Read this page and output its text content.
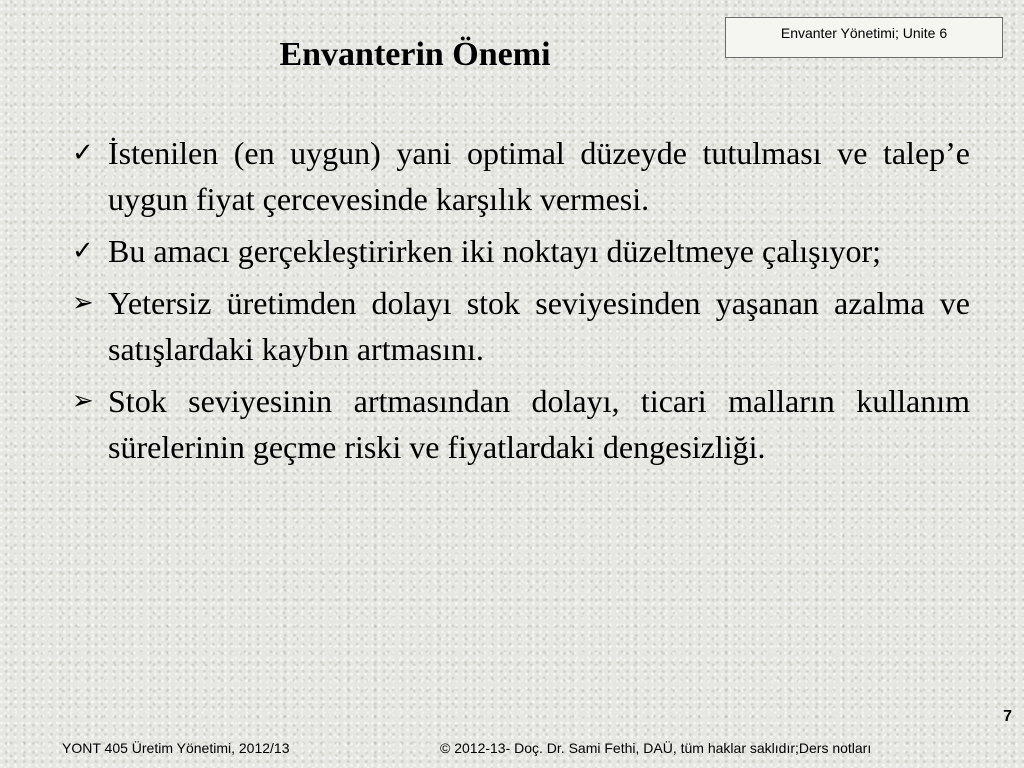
Envanter Yönetimi; Unite 6
Envanterin Önemi
✓ İstenilen (en uygun) yani optimal düzeyde tutulması ve talep’e uygun fiyat çercevesinde karşılık vermesi.
✓ Bu amacı gerçekleştirirken iki noktayı düzeltmeye çalışıyor;
➢ Yetersiz üretimden dolayı stok seviyesinden yaşanan azalma ve satışlardaki kaybın artmasını.
➢ Stok seviyesinin artmasından dolayı, ticari malların kullanım sürelerinin geçme riski ve fiyatlardaki dengesizliği.
7
YONT 405 Üretim Yönetimi, 2012/13	© 2012-13- Doç. Dr. Sami Fethi, DAÜ, tüm haklar saklıdır;Ders notları
